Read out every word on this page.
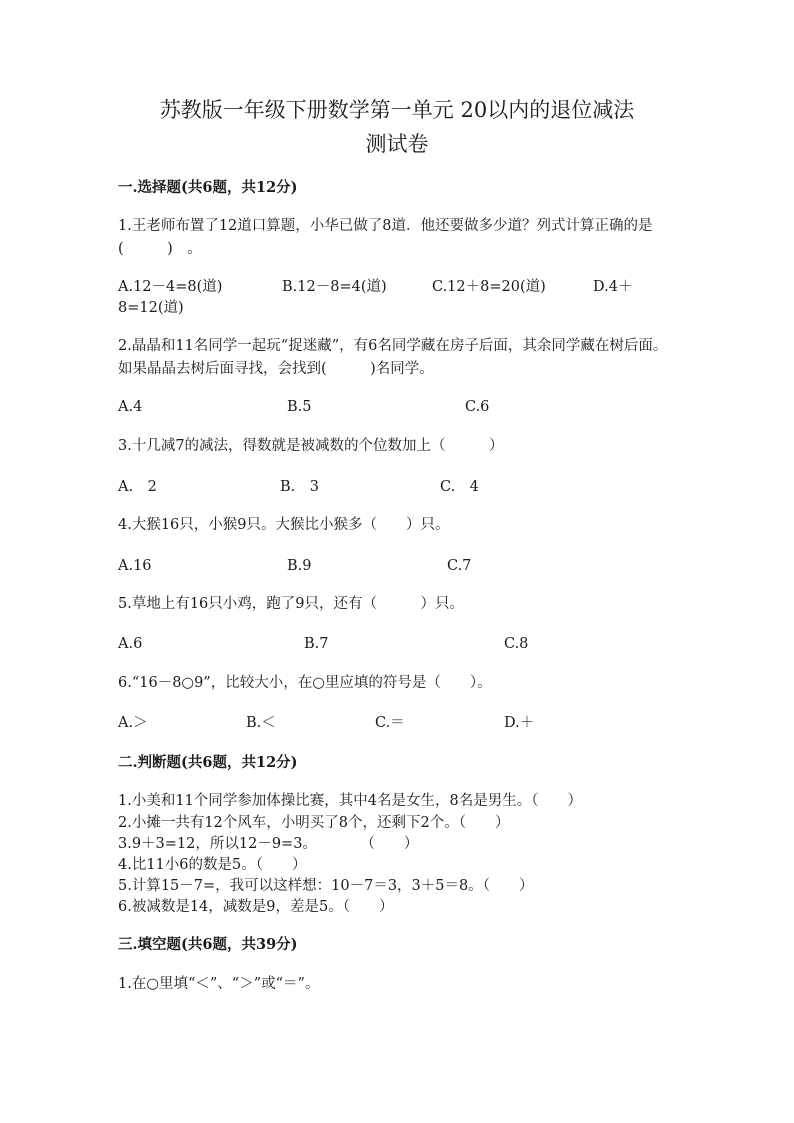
苏教版一年级下册数学第一单元 20以内的退位减法
测试卷
一.选择题(共6题，共12分)
1.王老师布置了12道口算题，小华已做了8道．他还要做多少道？列式计算正确的是(　　　)　。
A.12－4=8(道)	B.12－8=4(道)	C.12＋8=20(道)	D.4＋
8=12(道)
2.晶晶和11名同学一起玩“捉迷藏”，有6名同学藏在房子后面，其余同学藏在树后面。如果晶晶去树后面寻找，会找到(　　　)名同学。
A.4	B.5	C.6
3.十几减7的减法，得数就是被减数的个位数加上（　　　）
A.　2	B.　3	C.　4
4.大猴16只，小猴9只。大猴比小猴多（　　）只。
A.16	B.9	C.7
5.草地上有16只小鸡，跑了9只，还有（　　　）只。
A.6	B.7	C.8
6.“16－8○9”，比较大小，在○里应填的符号是（　　）。
A.＞	B.＜	C.＝	D.＋
二.判断题(共6题，共12分)
1.小美和11个同学参加体操比赛，其中4名是女生，8名是男生。（　　）
2.小摊一共有12个风车，小明买了8个，还剩下2个。（　　）
3.9＋3=12，所以12－9=3。　　　　（　　）
4.比11小6的数是5。（　　）
5.计算15－7=，我可以这样想：10－7＝3，3＋5＝8。（　　）
6.被减数是14，减数是9，差是5。（　　）
三.填空题(共6题，共39分)
1.在○里填“＜”、“＞”或“＝”。
